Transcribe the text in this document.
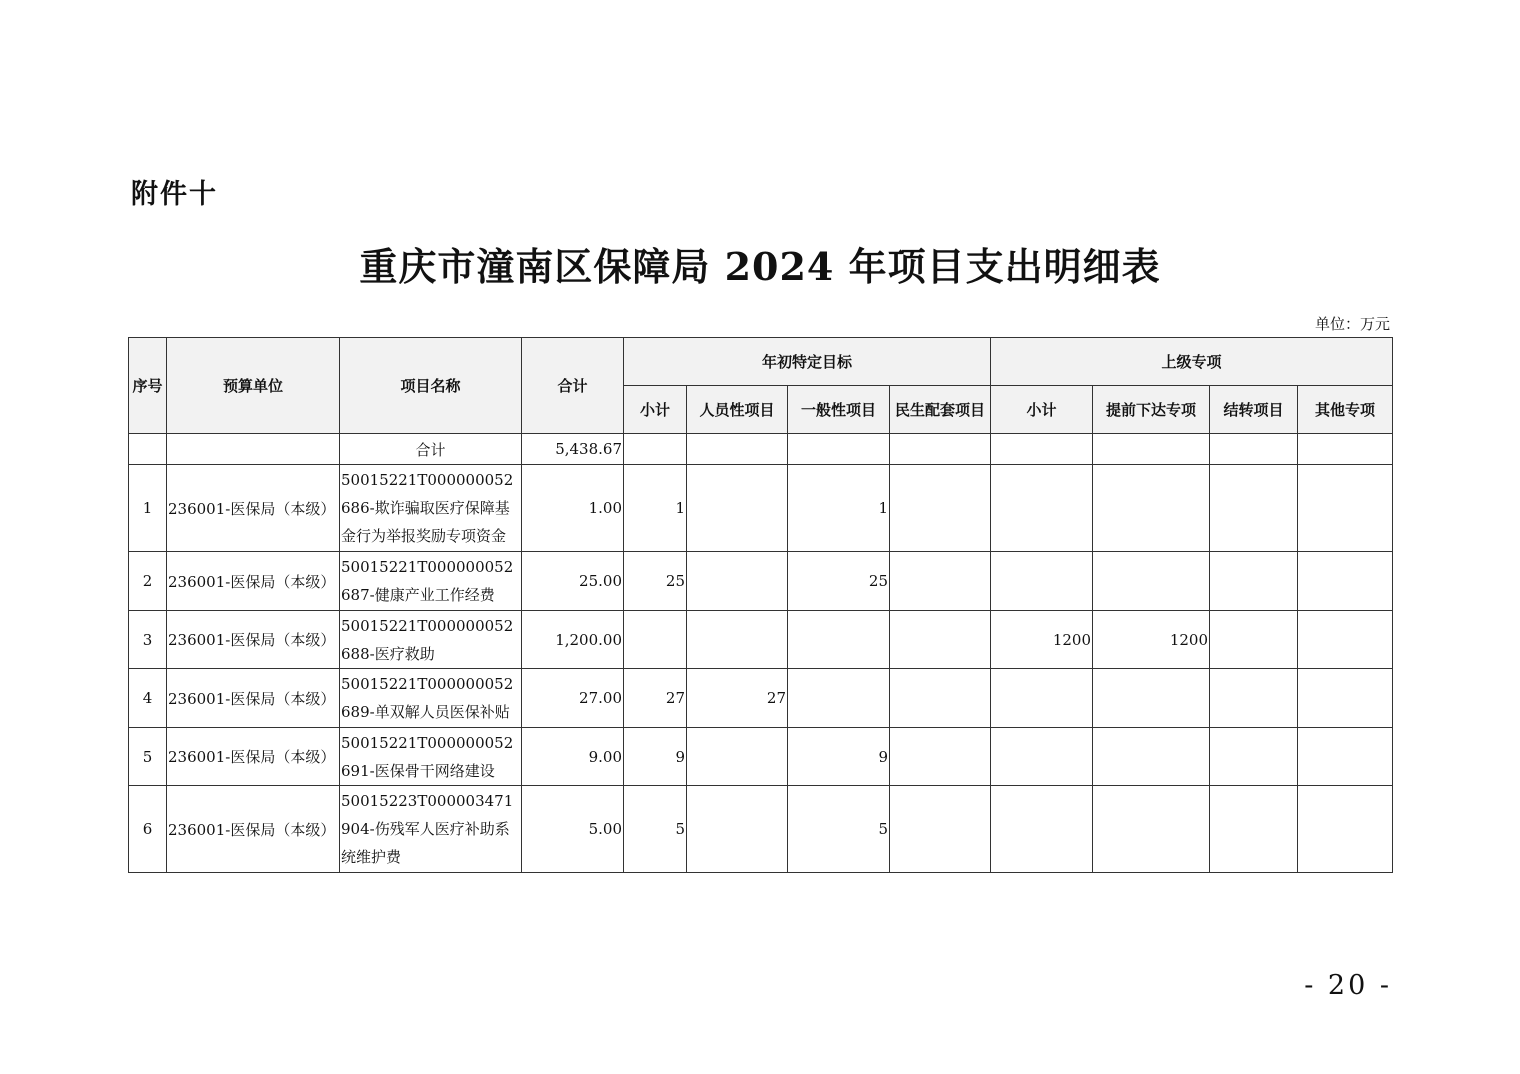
附件十
重庆市潼南区保障局 2024 年项目支出明细表
单位：万元
序号	预算单位	项目名称	合计	年初特定目标				上级专项			
				小计	人员性项目	一般性项目	民生配套项目	小计	提前下达专项	结转项目	其他专项
		合计	5,438.67								
1	236001-医保局（本级）	50015221T000000052686-欺诈骗取医疗保障基金行为举报奖励专项资金	1.00	1		1					
2	236001-医保局（本级）	50015221T000000052687-健康产业工作经费	25.00	25		25					
3	236001-医保局（本级）	50015221T000000052688-医疗救助	1,200.00					1200	1200		
4	236001-医保局（本级）	50015221T000000052689-单双解人员医保补贴	27.00	27	27						
5	236001-医保局（本级）	50015221T000000052691-医保骨干网络建设	9.00	9		9					
6	236001-医保局（本级）	50015223T000003471904-伤残军人医疗补助系统维护费	5.00	5		5					
- 20 -
